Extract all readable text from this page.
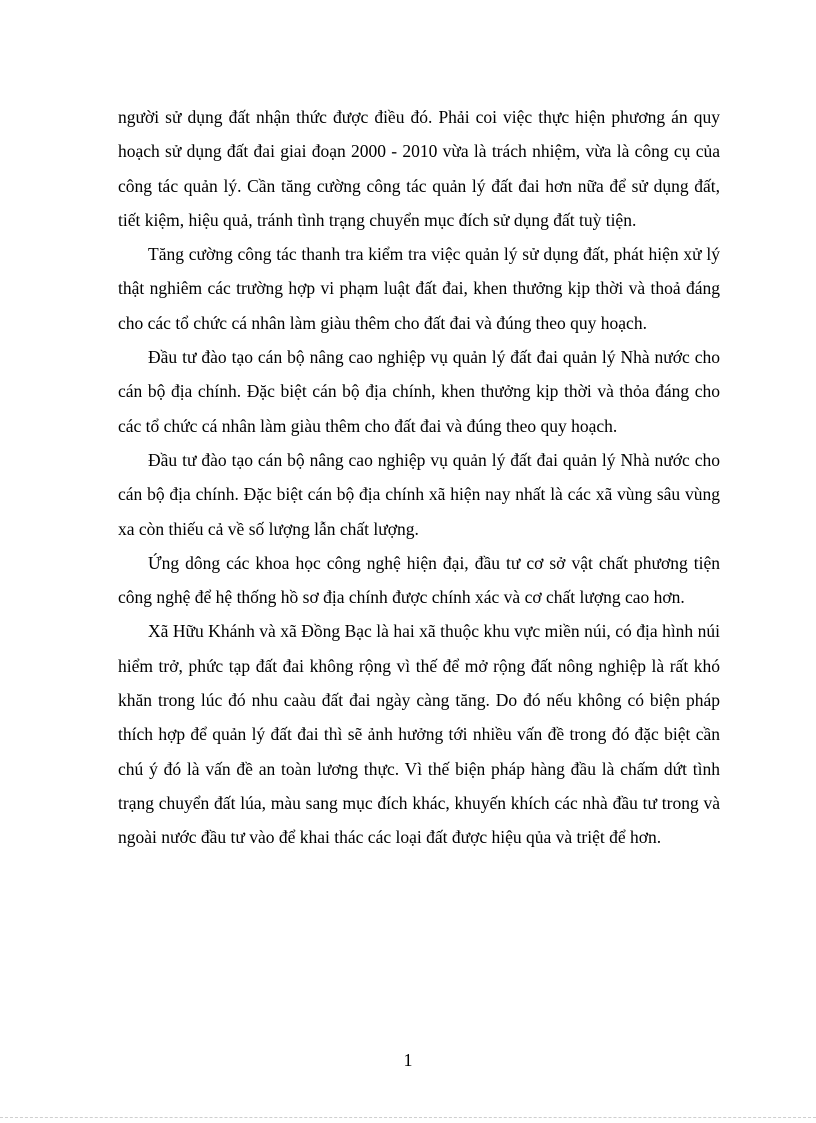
người sử dụng đất nhận thức được điều đó. Phải coi việc thực hiện phương án quy hoạch sử dụng đất đai giai đoạn 2000 - 2010 vừa là trách nhiệm, vừa là công cụ của công tác quản lý. Cần tăng cường công tác quản lý đất đai hơn nữa để sử dụng đất, tiết kiệm, hiệu quả, tránh tình trạng chuyển mục đích sử dụng đất tuỳ tiện.

Tăng cường công tác thanh tra kiểm tra việc quản lý sử dụng đất, phát hiện xử lý thật nghiêm các trường hợp vi phạm luật đất đai, khen thưởng kịp thời và thoả đáng cho các tổ chức cá nhân làm giàu thêm cho đất đai và đúng theo quy hoạch.

Đầu tư đào tạo cán bộ nâng cao nghiệp vụ quản lý đất đai quản lý Nhà nước cho cán bộ địa chính. Đặc biệt cán bộ địa chính, khen thưởng kịp thời và thỏa đáng cho các tổ chức cá nhân làm giàu thêm cho đất đai và đúng theo quy hoạch.

Đầu tư đào tạo cán bộ nâng cao nghiệp vụ quản lý đất đai quản lý Nhà nước cho cán bộ địa chính. Đặc biệt cán bộ địa chính xã hiện nay nhất là các xã vùng sâu vùng xa còn thiếu cả về số lượng lẫn chất lượng.

Ứng dông các khoa học công nghệ hiện đại, đầu tư cơ sở vật chất phương tiện công nghệ để hệ thống hồ sơ địa chính được chính xác và cơ chất lượng cao hơn.

Xã Hữu Khánh và xã Đồng Bạc là hai xã thuộc khu vực miền núi, có địa hình núi hiểm trở, phức tạp đất đai không rộng vì thế để mở rộng đất nông nghiệp là rất khó khăn trong lúc đó nhu caàu đất đai ngày càng tăng. Do đó nếu không có biện pháp thích hợp để quản lý đất đai thì sẽ ảnh hưởng tới nhiều vấn đề trong đó đặc biệt cần chú ý đó là vấn đề an toàn lương thực. Vì thế biện pháp hàng đầu là chấm dứt tình trạng chuyển đất lúa, màu sang mục đích khác, khuyến khích các nhà đầu tư trong và ngoài nước đầu tư vào để khai thác các loại đất được hiệu qủa và triệt để hơn.

1
